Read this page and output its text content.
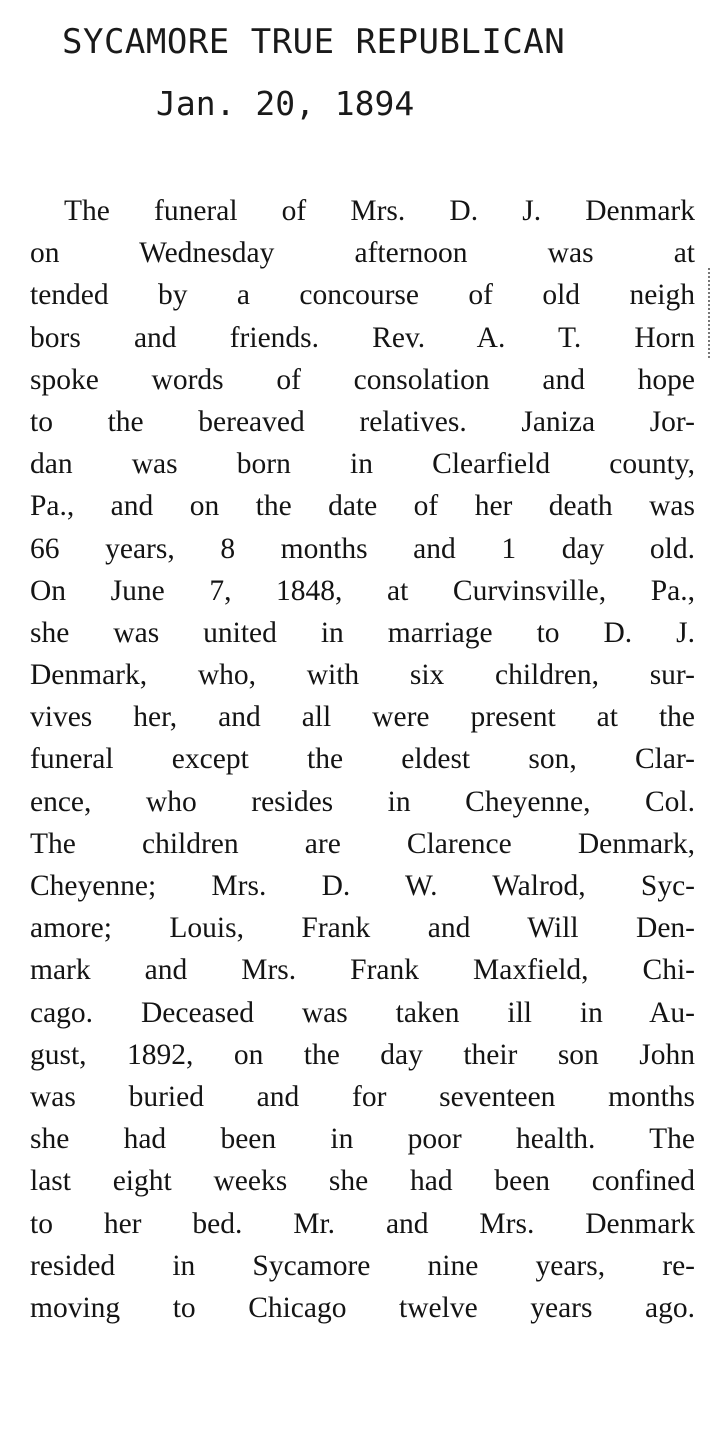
SYCAMORE TRUE REPUBLICAN
Jan. 20, 1894
The funeral of Mrs. D. J. Denmark
on Wednesday afternoon was at
tended by a concourse of old neigh
bors and friends. Rev. A. T. Horn
spoke words of consolation and hope
to the bereaved relatives. Janiza Jor-
dan was born in Clearfield county,
Pa., and on the date of her death was
66 years, 8 months and 1 day old.
On June 7, 1848, at Curvinsville, Pa.,
she was united in marriage to D. J.
Denmark, who, with six children, sur-
vives her, and all were present at the
funeral except the eldest son, Clar-
ence, who resides in Cheyenne, Col.
The children are Clarence Denmark,
Cheyenne; Mrs. D. W. Walrod, Syc-
amore; Louis, Frank and Will Den-
mark and Mrs. Frank Maxfield, Chi-
cago. Deceased was taken ill in Au-
gust, 1892, on the day their son John
was buried and for seventeen months
she had been in poor health. The
last eight weeks she had been confined
to her bed. Mr. and Mrs. Denmark
resided in Sycamore nine years, re-
moving to Chicago twelve years ago.
